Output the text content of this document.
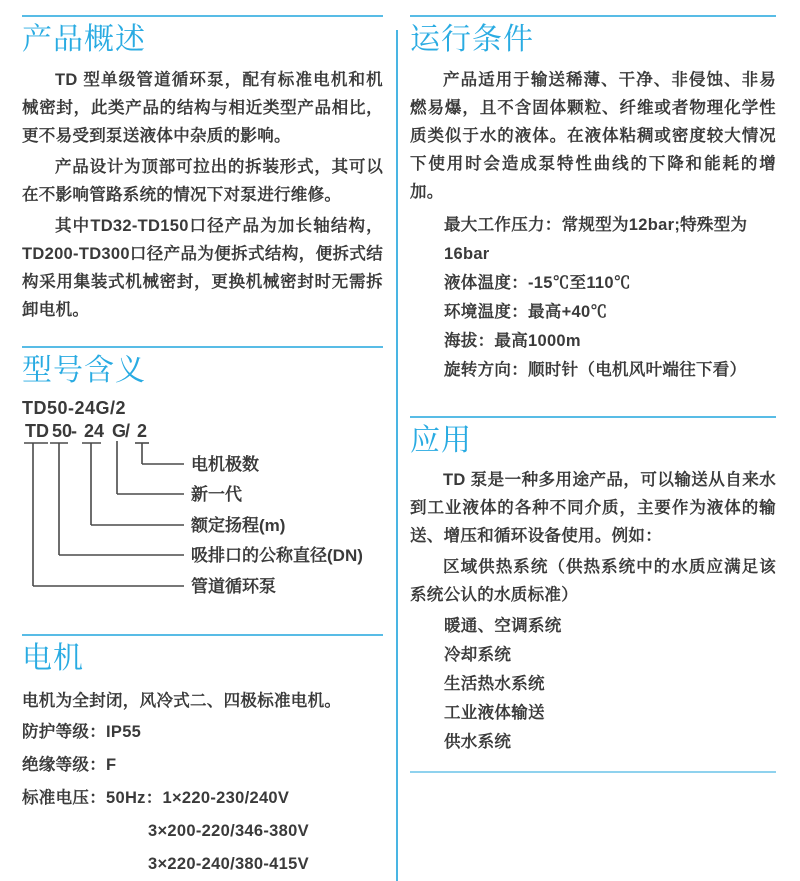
产品概述

TD 型单级管道循环泵，配有标准电机和机械密封，此类产品的结构与相近类型产品相比，更不易受到泵送液体中杂质的影响。

产品设计为顶部可拉出的拆装形式，其可以在不影响管路系统的情况下对泵进行维修。

其中TD32-TD150口径产品为加长轴结构，TD200-TD300口径产品为便拆式结构，便拆式结构采用集装式机械密封，更换机械密封时无需拆卸电机。

型号含义
TD50-24G/2
TD 50
- 24 G
/ 2
电机极数
新一代
额定扬程(m)
吸排口的公称直径(DN)
管道循环泵
电机

电机为全封闭，风冷式二、四极标准电机。

防护等级：IP55

绝缘等级：F

标准电压：50Hz：1×220-230/240V

3×200-220/346-380V

3×220-240/380-415V

运行条件

产品适用于输送稀薄、干净、非侵蚀、非易燃易爆，且不含固体颗粒、纤维或者物理化学性质类似于水的液体。在液体粘稠或密度较大情况下使用时会造成泵特性曲线的下降和能耗的增加。

最大工作压力：常规型为12bar;特殊型为16bar

液体温度：-15℃至110℃

环境温度：最高+40℃

海拔：最高1000m

旋转方向：顺时针（电机风叶端往下看）

应用

TD 泵是一种多用途产品，可以输送从自来水到工业液体的各种不同介质，主要作为液体的输送、增压和循环设备使用。例如：

区域供热系统（供热系统中的水质应满足该系统公认的水质标准）

暖通、空调系统

冷却系统

生活热水系统

工业液体输送

供水系统
